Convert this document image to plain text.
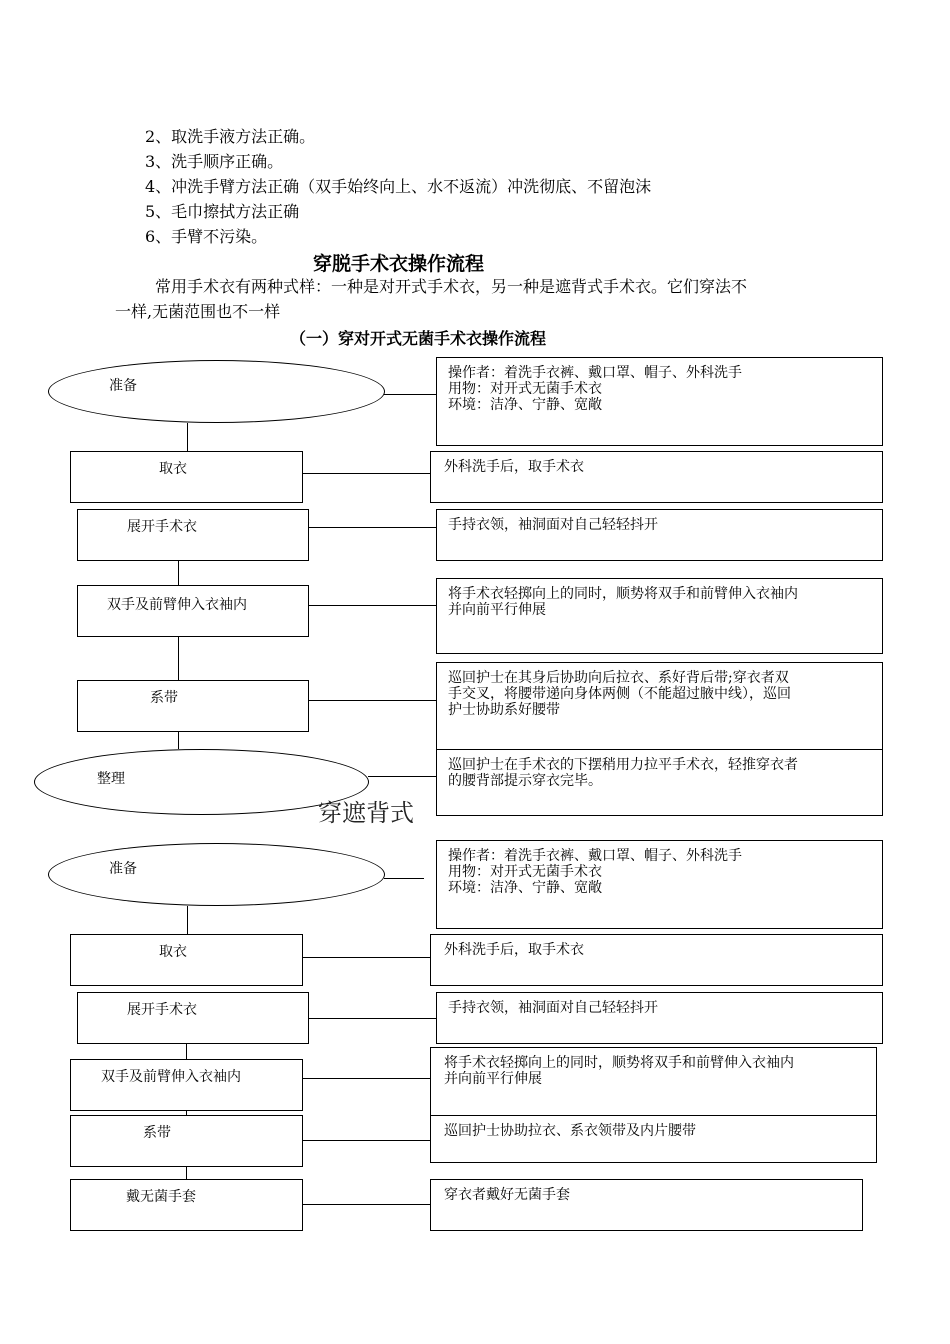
2、取洗手液方法正确。
3、洗手顺序正确。
4、冲洗手臂方法正确（双手始终向上、水不返流）冲洗彻底、不留泡沫
5、毛巾擦拭方法正确
6、手臂不污染。
穿脱手术衣操作流程
常用手术衣有两种式样：一种是对开式手术衣，另一种是遮背式手术衣。它们穿法不
一样,无菌范围也不一样
（一）穿对开式无菌手术衣操作流程
准备
取衣
展开手术衣
双手及前臂伸入衣袖内
系带
整理
穿遮背式
操作者：着洗手衣裤、戴口罩、帽子、外科洗手
用物：对开式无菌手术衣
环境：洁净、宁静、宽敞
外科洗手后，取手术衣
手持衣领，袖洞面对自己轻轻抖开
将手术衣轻掷向上的同时，顺势将双手和前臂伸入衣袖内
并向前平行伸展
巡回护士在其身后协助向后拉衣、系好背后带;穿衣者双
手交叉，将腰带递向身体两侧（不能超过腋中线），巡回
护士协助系好腰带
巡回护士在手术衣的下摆稍用力拉平手术衣，轻推穿衣者
的腰背部提示穿衣完毕。
准备
取衣
展开手术衣
双手及前臂伸入衣袖内
系带
戴无菌手套
操作者：着洗手衣裤、戴口罩、帽子、外科洗手
用物：对开式无菌手术衣
环境：洁净、宁静、宽敞
外科洗手后，取手术衣
手持衣领，袖洞面对自己轻轻抖开
将手术衣轻掷向上的同时，顺势将双手和前臂伸入衣袖内
并向前平行伸展
巡回护士协助拉衣、系衣领带及内片腰带
穿衣者戴好无菌手套
